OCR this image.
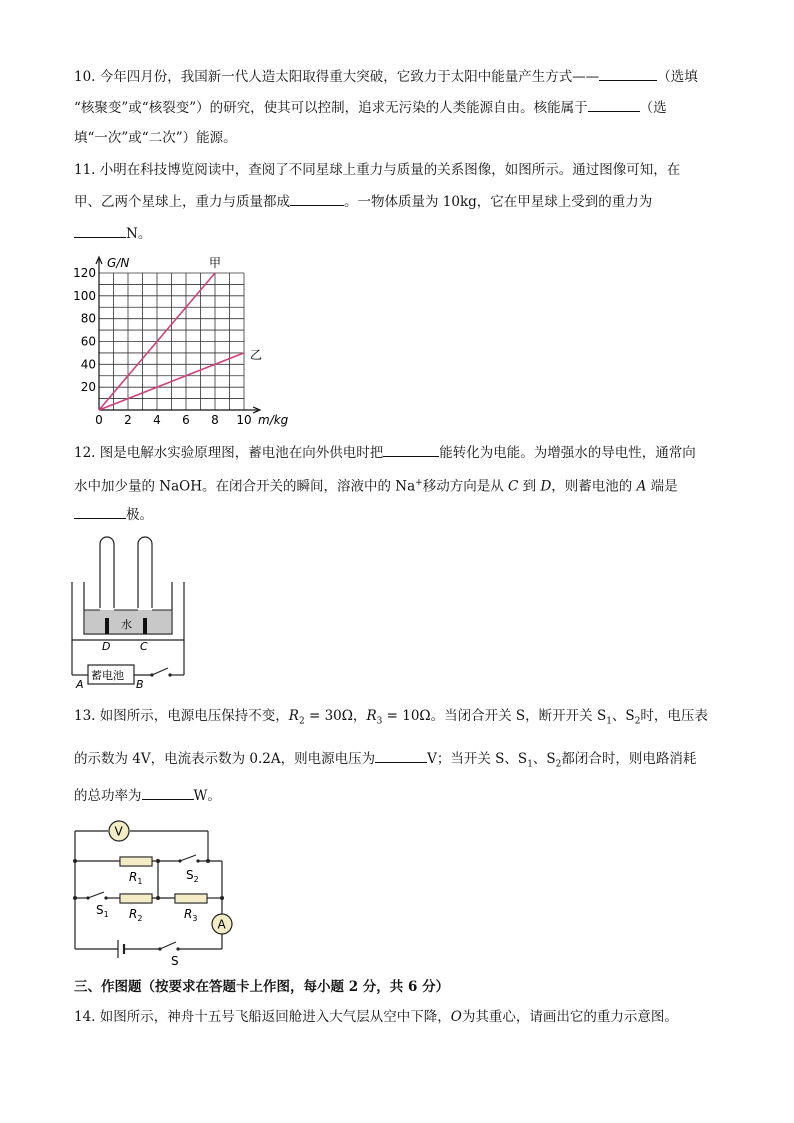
10. 今年四月份，我国新一代人造太阳取得重大突破，它致力于太阳中能量产生方式——	（选填
“核聚变”或“核裂变”）的研究，使其可以控制，追求无污染的人类能源自由。核能属于	（选
填“一次”或“二次”）能源。
11. 小明在科技博览阅读中，查阅了不同星球上重力与质量的关系图像，如图所示。通过图像可知，在
甲、乙两个星球上，重力与质量都成	。一物体质量为 10kg，它在甲星球上受到的重力为
N。
0 2 4 6 8 10
20
40
60
80
100
120
m/kg
G/N	甲
乙
12. 图是电解水实验原理图，蓄电池在向外供电时把	能转化为电能。为增强水的导电性，通常向
水中加少量的 NaOH。在闭合开关的瞬间，溶液中的 Na+移动方向是从 C 到 D，则蓄电池的 A 端是
极。
水
D	C
蓄电池
A	B
13. 如图所示，电源电压保持不变，$R_2 = 30\Omega$，$R_3 = 10\Omega$。当闭合开关 S，断开开关 $S_1$、$S_2$时，电压表
的示数为 4V，电流表示数为 0.2A，则电源电压为	V；当开关 S、$S_1$、$S_2$都闭合时，则电路消耗
的总功率为	W。
V
A
$R_1$
$R_2$	$R_3$
$S_1$
$S_2$
S
三、作图题（按要求在答题卡上作图，每小题 2 分，共 6 分）
14. 如图所示，神舟十五号飞船返回舱进入大气层从空中下降，O为其重心，请画出它的重力示意图。
